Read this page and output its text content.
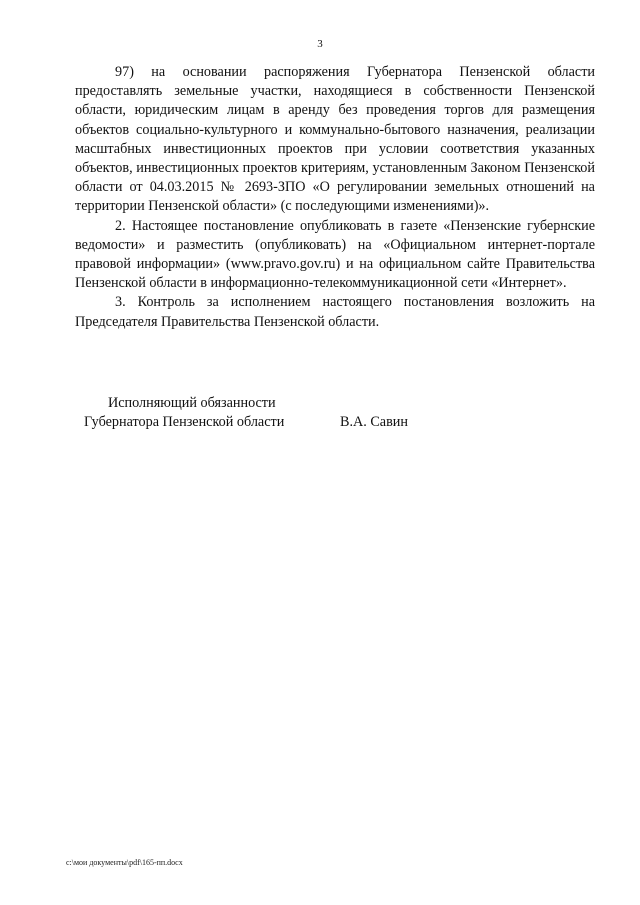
3

97) на основании распоряжения Губернатора Пензенской области предоставлять земельные участки, находящиеся в собственности Пензенской области, юридическим лицам в аренду без проведения торгов для размещения объектов социально-культурного и коммунально-бытового назначения, реализации масштабных инвестиционных проектов при условии соответствия указанных объектов, инвестиционных проектов критериям, установленным Законом Пензенской области от 04.03.2015 № 2693-ЗПО «О регулировании земельных отношений на территории Пензенской области» (с последующими изменениями)».

2. Настоящее постановление опубликовать в газете «Пензенские губернские ведомости» и разместить (опубликовать) на «Официальном интернет-портале правовой информации» (www.pravo.gov.ru) и на официальном сайте Правительства Пензенской области в информационно-телекоммуникационной сети «Интернет».

3. Контроль за исполнением настоящего постановления возложить на Председателя Правительства Пензенской области.

Исполняющий обязанности
Губернатора Пензенской области	В.А. Савин
c:\мои документы\pdf\165-пп.docx
